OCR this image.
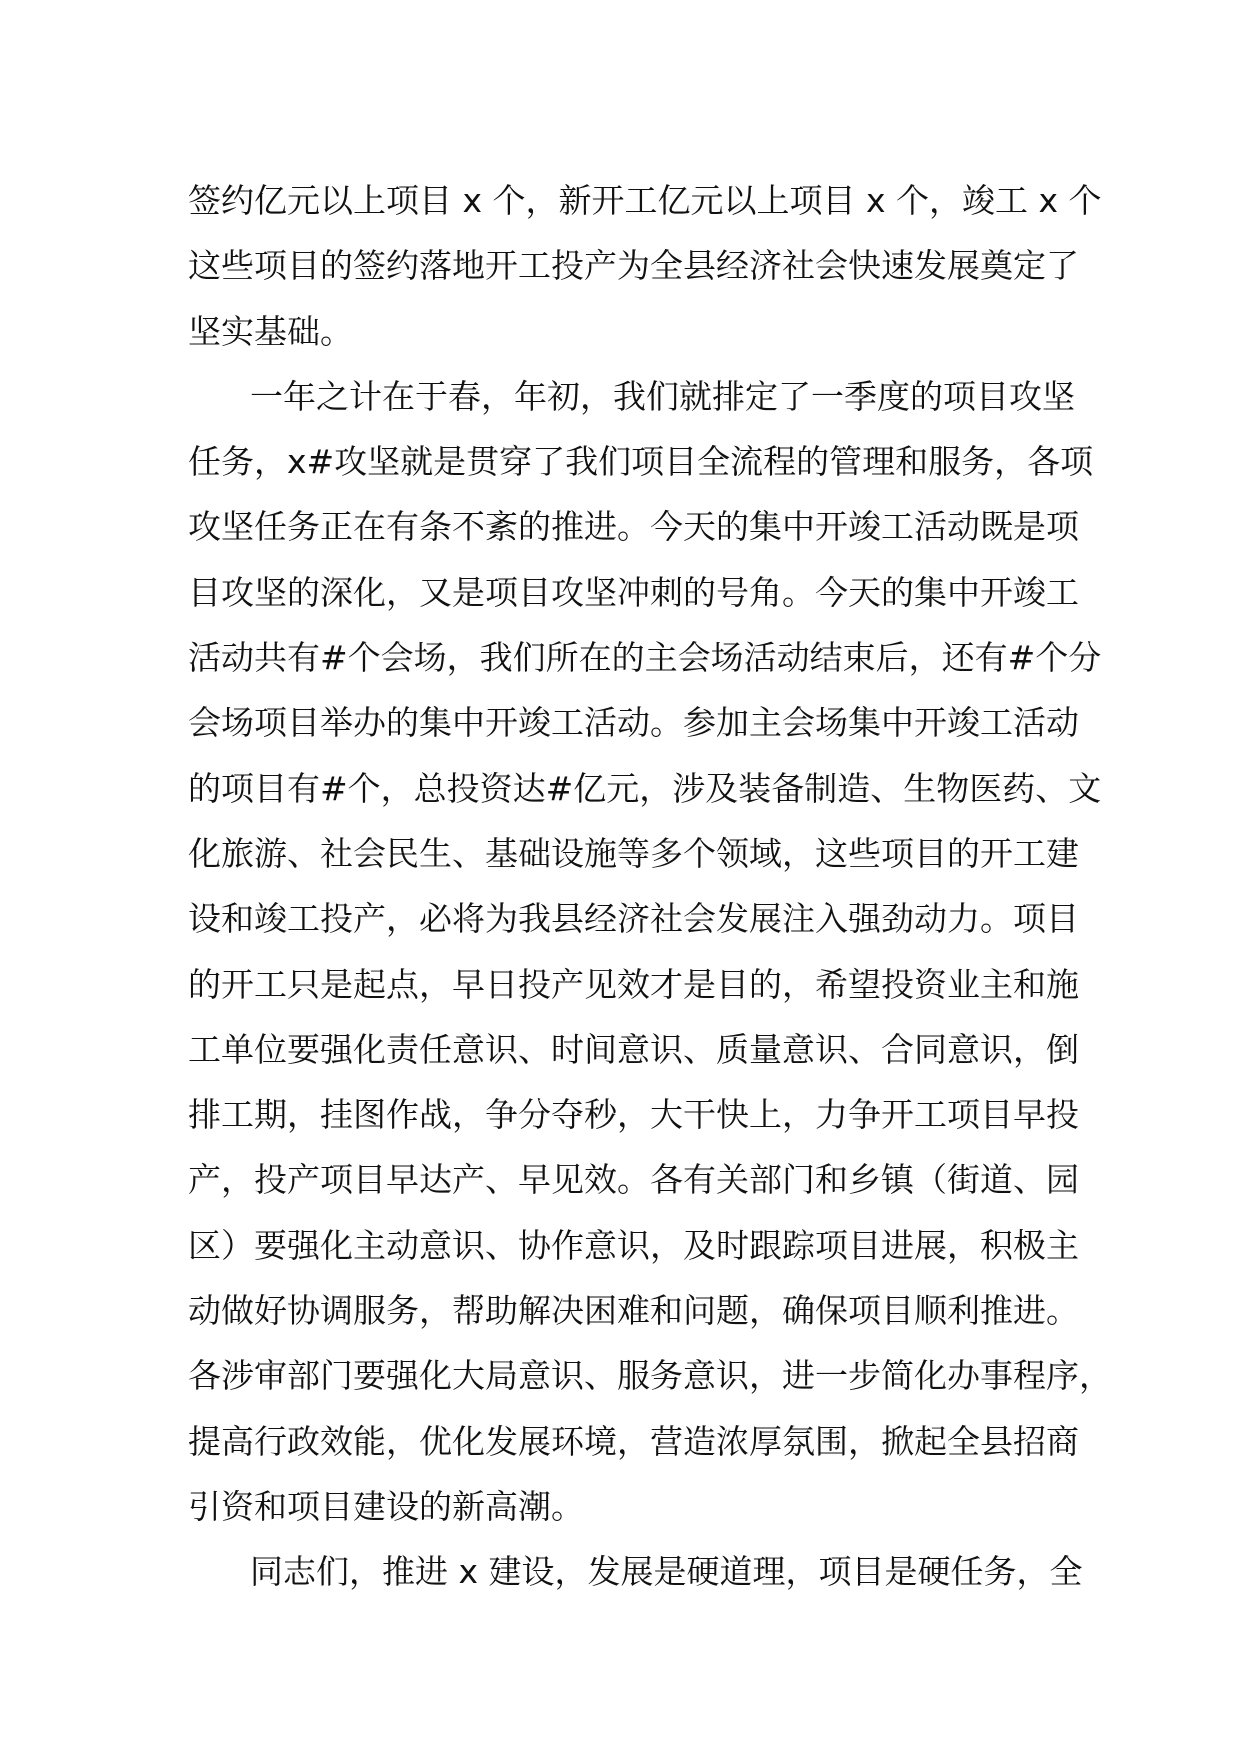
签约亿元以上项目 x 个，新开工亿元以上项目 x 个，竣工 x 个
这些项目的签约落地开工投产为全县经济社会快速发展奠定了
坚实基础。

一年之计在于春，年初，我们就排定了一季度的项目攻坚
任务，x#攻坚就是贯穿了我们项目全流程的管理和服务，各项
攻坚任务正在有条不紊的推进。今天的集中开竣工活动既是项
目攻坚的深化，又是项目攻坚冲刺的号角。今天的集中开竣工
活动共有#个会场，我们所在的主会场活动结束后，还有#个分
会场项目举办的集中开竣工活动。参加主会场集中开竣工活动
的项目有#个，总投资达#亿元，涉及装备制造、生物医药、文
化旅游、社会民生、基础设施等多个领域，这些项目的开工建
设和竣工投产，必将为我县经济社会发展注入强劲动力。项目
的开工只是起点，早日投产见效才是目的，希望投资业主和施
工单位要强化责任意识、时间意识、质量意识、合同意识，倒
排工期，挂图作战，争分夺秒，大干快上，力争开工项目早投
产，投产项目早达产、早见效。各有关部门和乡镇（街道、园
区）要强化主动意识、协作意识，及时跟踪项目进展，积极主
动做好协调服务，帮助解决困难和问题，确保项目顺利推进。
各涉审部门要强化大局意识、服务意识，进一步简化办事程序，
提高行政效能，优化发展环境，营造浓厚氛围，掀起全县招商
引资和项目建设的新高潮。

同志们，推进 x 建设，发展是硬道理，项目是硬任务，全
